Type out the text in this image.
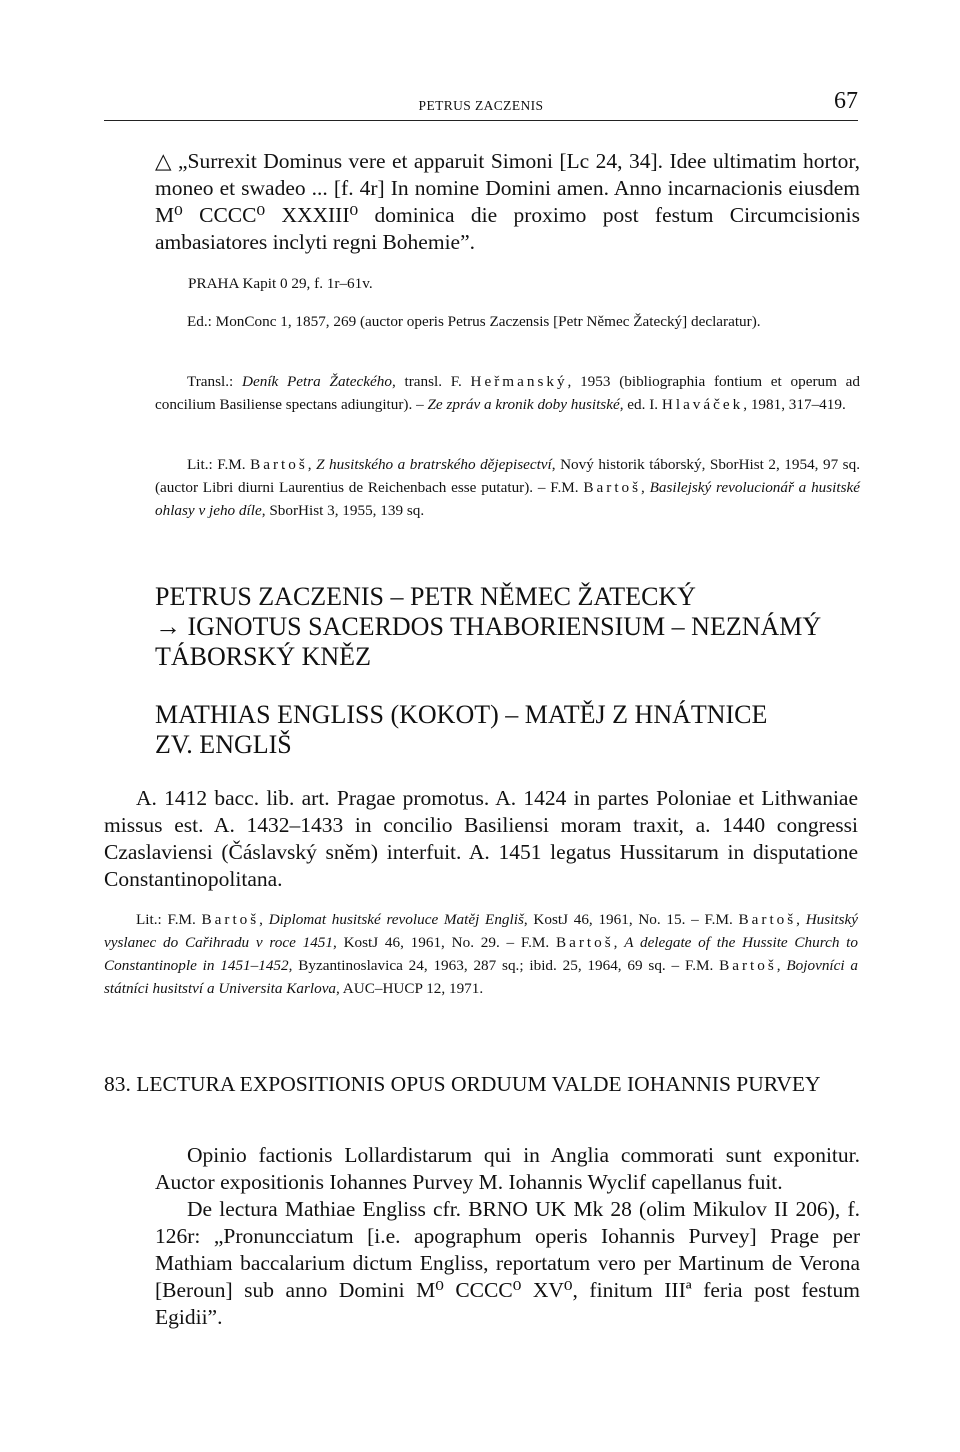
PETRUS ZACZENIS	67

△ „Surrexit Dominus vere et apparuit Simoni [Lc 24, 34]. Idee ultimatim hortor, moneo et swadeo ... [f. 4r] In nomine Domini amen. Anno incarnacionis eiusdem M⁰ CCCC⁰ XXXIII⁰ dominica die proximo post festum Circumcisionis ambasiatores inclyti regni Bohemie”.

PRAHA Kapit 0 29, f. 1r–61v.

Ed.: MonConc 1, 1857, 269 (auctor operis Petrus Zaczensis [Petr Němec Žatecký] declaratur).

Transl.: Deník Petra Žateckého, transl. F. Heřmanský, 1953 (bibliographia fontium et operum ad concilium Basiliense spectans adiungitur). – Ze zpráv a kronik doby husitské, ed. I. Hlaváček, 1981, 317–419.

Lit.: F.M. Bartoš, Z husitského a bratrského dějepisectví, Nový historik táborský, SborHist 2, 1954, 97 sq. (auctor Libri diurni Laurentius de Reichenbach esse putatur). – F.M. Bartoš, Basilejský revolucionář a husitské ohlasy v jeho díle, SborHist 3, 1955, 139 sq.

PETRUS ZACZENIS – PETR NĚMEC ŽATECKÝ
→ IGNOTUS SACERDOS THABORIENSIUM – NEZNÁMÝ
TÁBORSKÝ KNĚZ
MATHIAS ENGLISS (KOKOT) – MATĚJ Z HNÁTNICE
ZV. ENGLIŠ

A. 1412 bacc. lib. art. Pragae promotus. A. 1424 in partes Poloniae et Lithwaniae missus est. A. 1432–1433 in concilio Basiliensi moram traxit, a. 1440 congressi Czaslaviensi (Čáslavský sněm) interfuit. A. 1451 legatus Hussitarum in disputatione Constantinopolitana.

Lit.: F.M. Bartoš, Diplomat husitské revoluce Matěj Engliš, KostJ 46, 1961, No. 15. – F.M. Bartoš, Husitský vyslanec do Cařihradu v roce 1451, KostJ 46, 1961, No. 29. – F.M. Bartoš, A delegate of the Hussite Church to Constantinople in 1451–1452, Byzantinoslavica 24, 1963, 287 sq.; ibid. 25, 1964, 69 sq. – F.M. Bartoš, Bojovníci a státníci husitství a Universita Karlova, AUC–HUCP 12, 1971.

83. LECTURA EXPOSITIONIS OPUS ORDUUM VALDE IOHANNIS PURVEY

Opinio factionis Lollardistarum qui in Anglia commorati sunt exponitur. Auctor expositionis Iohannes Purvey M. Iohannis Wyclif capellanus fuit.

De lectura Mathiae Engliss cfr. BRNO UK Mk 28 (olim Mikulov II 206), f. 126r: „Pronuncciatum [i.e. apographum operis Iohannis Purvey] Prage per Mathiam baccalarium dictum Engliss, reportatum vero per Martinum de Verona [Beroun] sub anno Domini M⁰ CCCC⁰ XV⁰, finitum IIIª feria post festum Egidii”.
